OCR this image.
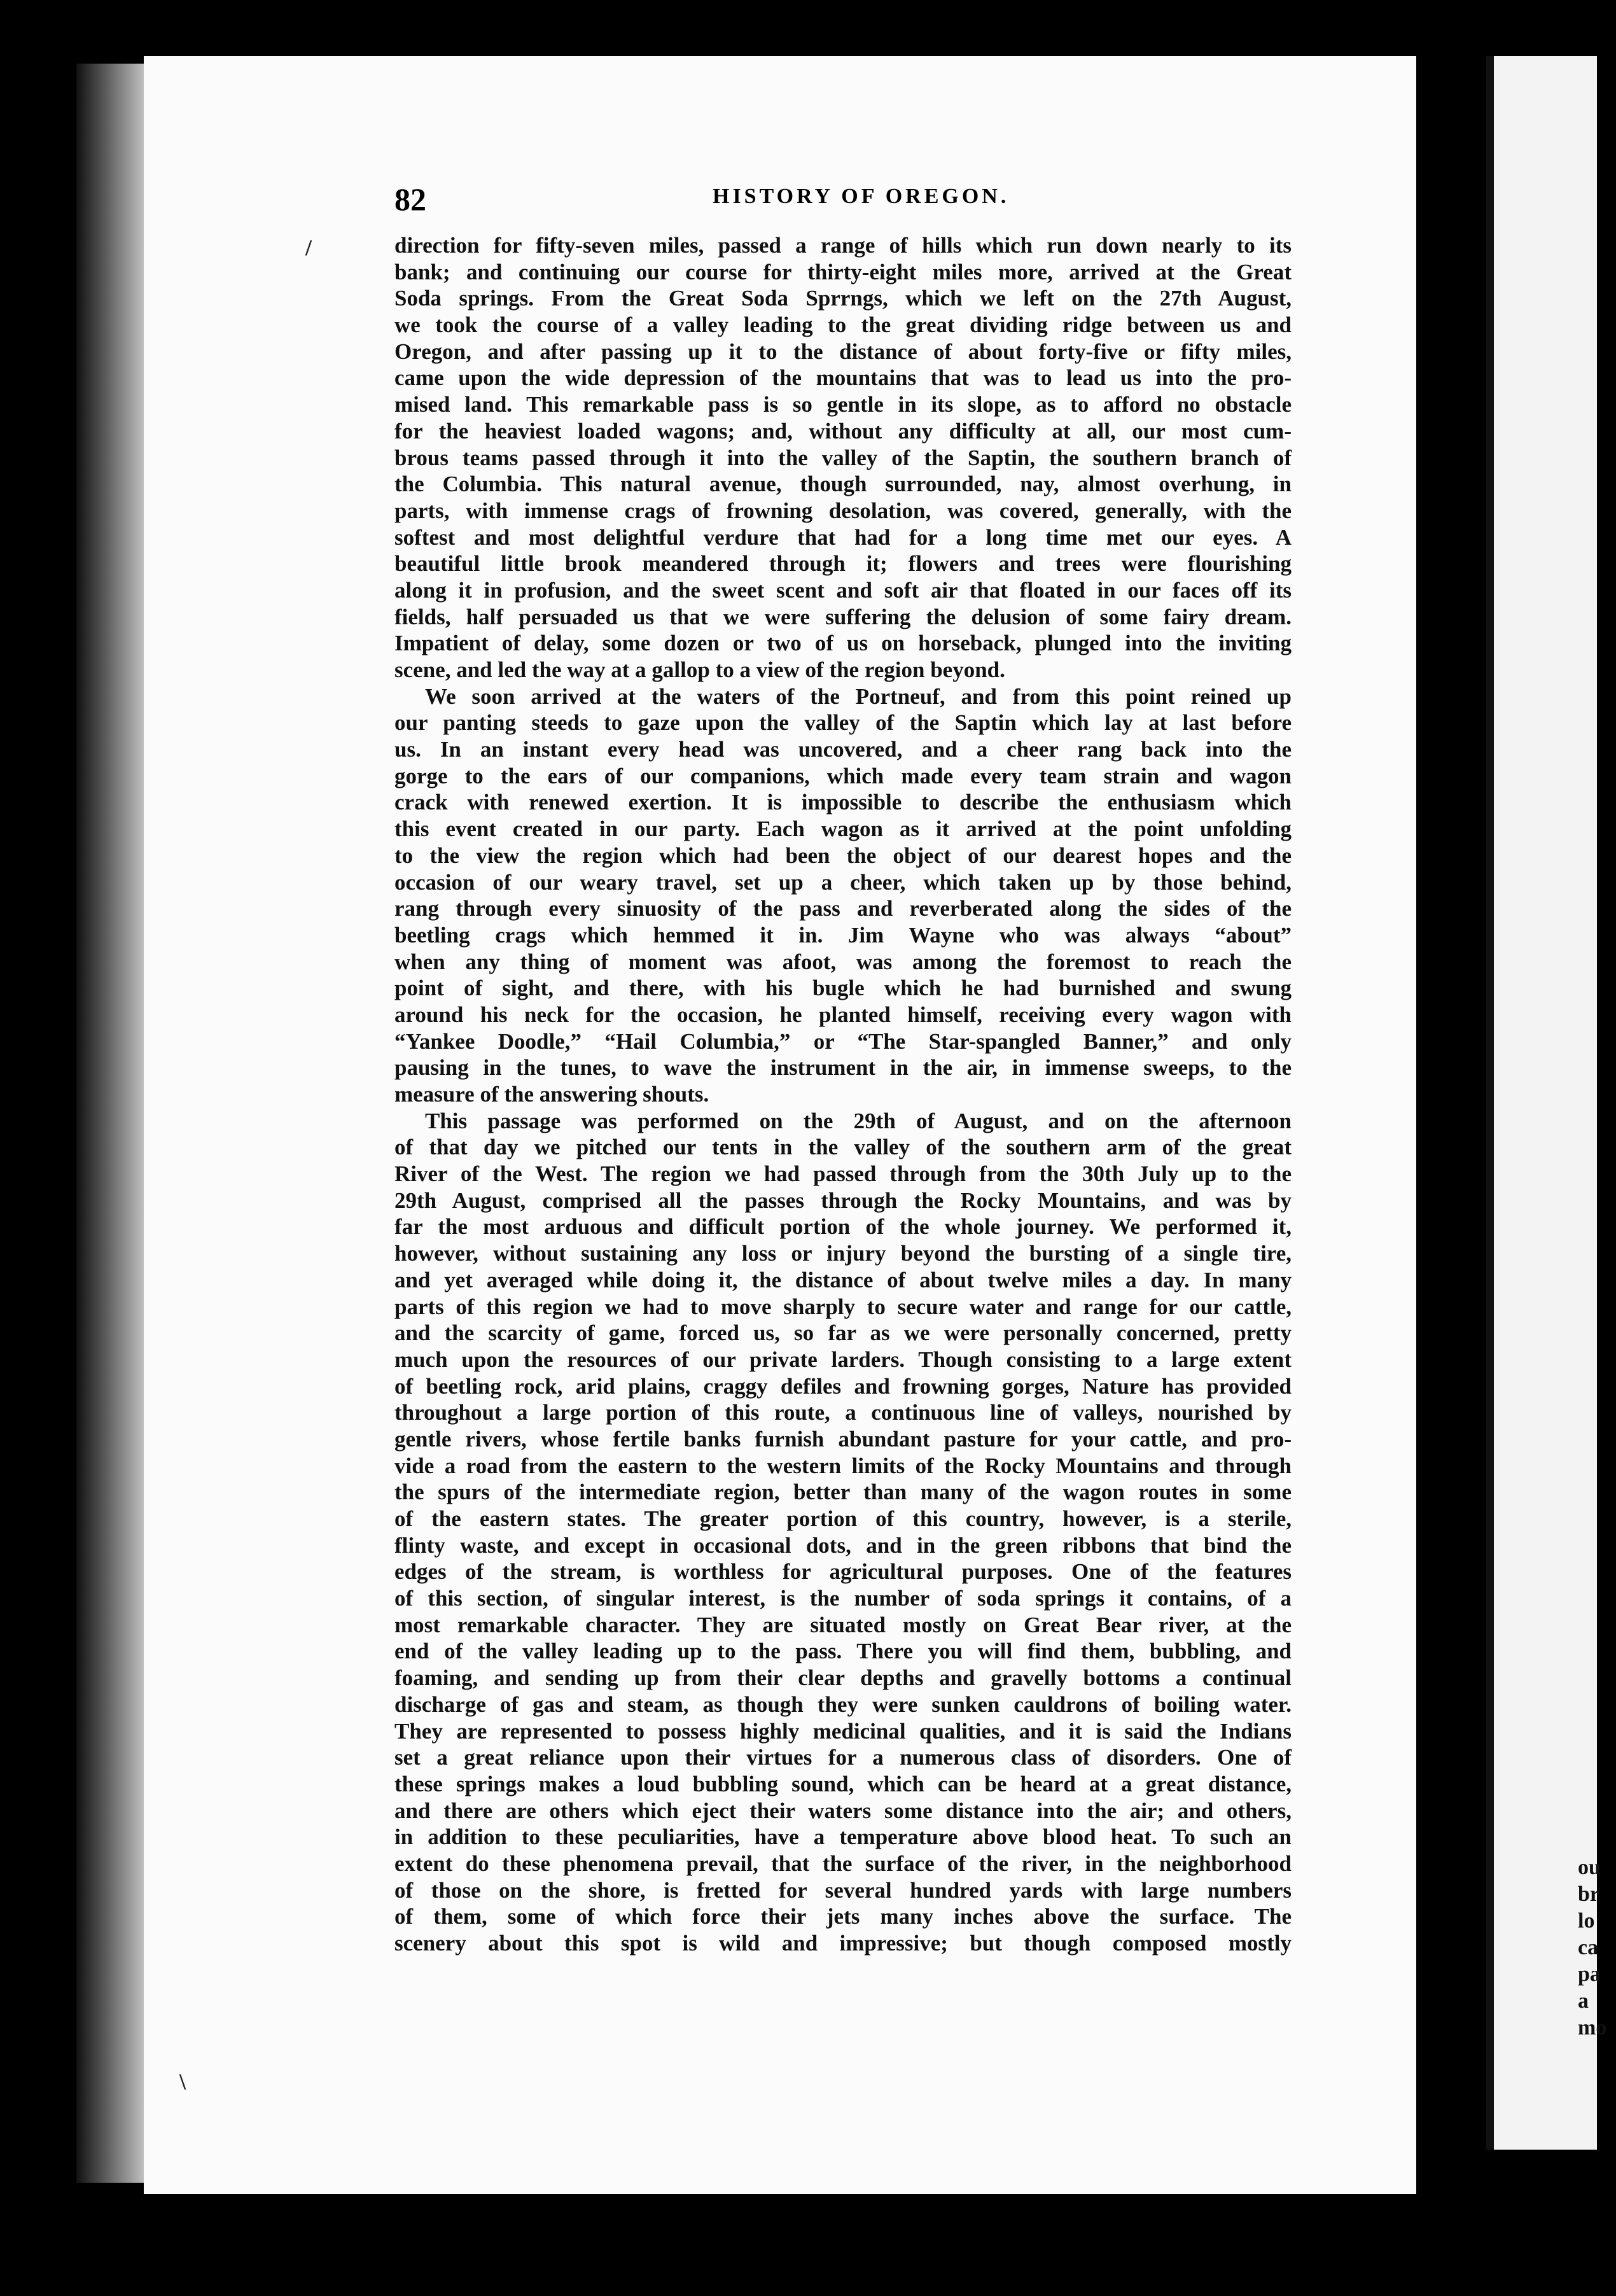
ou
br
lo
ca
pa
a
mo
82	HISTORY OF OREGON.
/
\
direction for fifty-seven miles, passed a range of hills which run down nearly to its
bank; and continuing our course for thirty-eight miles more, arrived at the Great
Soda springs. From the Great Soda Sprrngs, which we left on the 27th August,
we took the course of a valley leading to the great dividing ridge between us and
Oregon, and after passing up it to the distance of about forty-five or fifty miles,
came upon the wide depression of the mountains that was to lead us into the pro-
mised land. This remarkable pass is so gentle in its slope, as to afford no obstacle
for the heaviest loaded wagons; and, without any difficulty at all, our most cum-
brous teams passed through it into the valley of the Saptin, the southern branch of
the Columbia. This natural avenue, though surrounded, nay, almost overhung, in
parts, with immense crags of frowning desolation, was covered, generally, with the
softest and most delightful verdure that had for a long time met our eyes. A
beautiful little brook meandered through it; flowers and trees were flourishing
along it in profusion, and the sweet scent and soft air that floated in our faces off its
fields, half persuaded us that we were suffering the delusion of some fairy dream.
Impatient of delay, some dozen or two of us on horseback, plunged into the inviting
scene, and led the way at a gallop to a view of the region beyond.
We soon arrived at the waters of the Portneuf, and from this point reined up
our panting steeds to gaze upon the valley of the Saptin which lay at last before
us. In an instant every head was uncovered, and a cheer rang back into the
gorge to the ears of our companions, which made every team strain and wagon
crack with renewed exertion. It is impossible to describe the enthusiasm which
this event created in our party. Each wagon as it arrived at the point unfolding
to the view the region which had been the object of our dearest hopes and the
occasion of our weary travel, set up a cheer, which taken up by those behind,
rang through every sinuosity of the pass and reverberated along the sides of the
beetling crags which hemmed it in. Jim Wayne who was always “about”
when any thing of moment was afoot, was among the foremost to reach the
point of sight, and there, with his bugle which he had burnished and swung
around his neck for the occasion, he planted himself, receiving every wagon with
“Yankee Doodle,” “Hail Columbia,” or “The Star-spangled Banner,” and only
pausing in the tunes, to wave the instrument in the air, in immense sweeps, to the
measure of the answering shouts.
This passage was performed on the 29th of August, and on the afternoon
of that day we pitched our tents in the valley of the southern arm of the great
River of the West. The region we had passed through from the 30th July up to the
29th August, comprised all the passes through the Rocky Mountains, and was by
far the most arduous and difficult portion of the whole journey. We performed it,
however, without sustaining any loss or injury beyond the bursting of a single tire,
and yet averaged while doing it, the distance of about twelve miles a day. In many
parts of this region we had to move sharply to secure water and range for our cattle,
and the scarcity of game, forced us, so far as we were personally concerned, pretty
much upon the resources of our private larders. Though consisting to a large extent
of beetling rock, arid plains, craggy defiles and frowning gorges, Nature has provided
throughout a large portion of this route, a continuous line of valleys, nourished by
gentle rivers, whose fertile banks furnish abundant pasture for your cattle, and pro-
vide a road from the eastern to the western limits of the Rocky Mountains and through
the spurs of the intermediate region, better than many of the wagon routes in some
of the eastern states. The greater portion of this country, however, is a sterile,
flinty waste, and except in occasional dots, and in the green ribbons that bind the
edges of the stream, is worthless for agricultural purposes. One of the features
of this section, of singular interest, is the number of soda springs it contains, of a
most remarkable character. They are situated mostly on Great Bear river, at the
end of the valley leading up to the pass. There you will find them, bubbling, and
foaming, and sending up from their clear depths and gravelly bottoms a continual
discharge of gas and steam, as though they were sunken cauldrons of boiling water.
They are represented to possess highly medicinal qualities, and it is said the Indians
set a great reliance upon their virtues for a numerous class of disorders. One of
these springs makes a loud bubbling sound, which can be heard at a great distance,
and there are others which eject their waters some distance into the air; and others,
in addition to these peculiarities, have a temperature above blood heat. To such an
extent do these phenomena prevail, that the surface of the river, in the neighborhood
of those on the shore, is fretted for several hundred yards with large numbers
of them, some of which force their jets many inches above the surface. The
scenery about this spot is wild and impressive; but though composed mostly
